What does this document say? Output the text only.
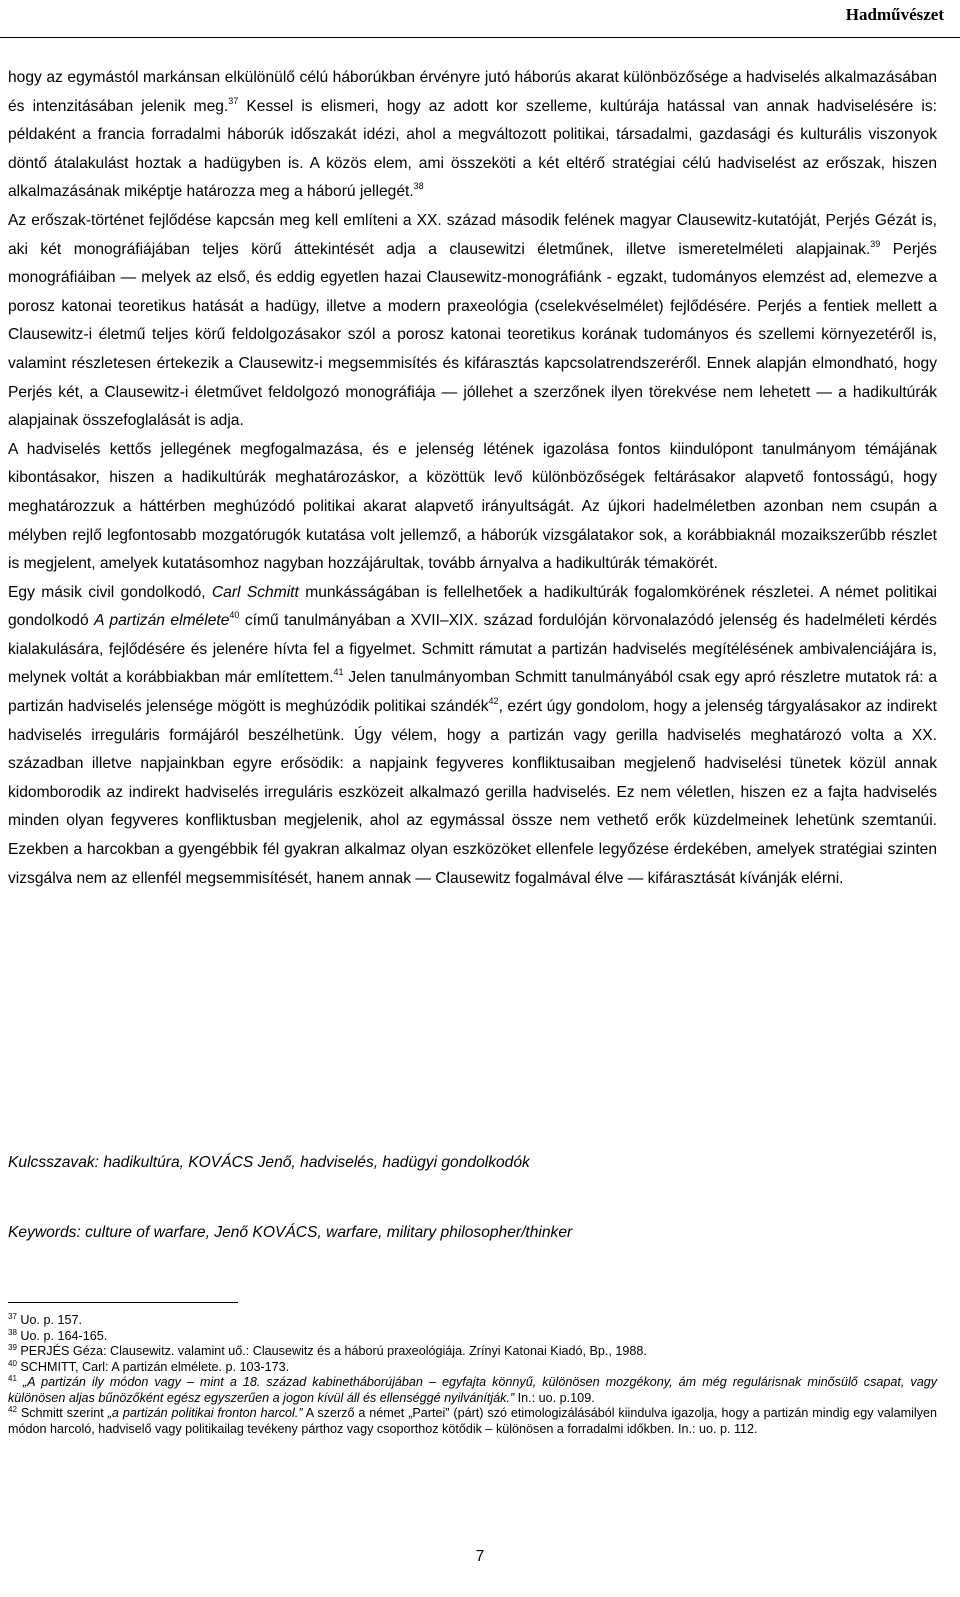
Hadművészet

hogy az egymástól markánsan elkülönülő célú háborúkban érvényre jutó háborús akarat különbözősége a hadviselés alkalmazásában és intenzitásában jelenik meg.$^{37}$ Kessel is elismeri, hogy az adott kor szelleme, kultúrája hatással van annak hadviselésére is: példaként a francia forradalmi háborúk időszakát idézi, ahol a megváltozott politikai, társadalmi, gazdasági és kulturális viszonyok döntő átalakulást hoztak a hadügyben is. A közös elem, ami összeköti a két eltérő stratégiai célú hadviselést az erőszak, hiszen alkalmazásának miképtje határozza meg a háború jellegét.$^{38}$

Az erőszak-történet fejlődése kapcsán meg kell említeni a XX. század második felének magyar Clausewitz-kutatóját, Perjés Gézát is, aki két monográfiájában teljes körű áttekintését adja a clausewitzi életműnek, illetve ismeretelméleti alapjainak.$^{39}$ Perjés monográfiáiban — melyek az első, és eddig egyetlen hazai Clausewitz-monográfiánk - egzakt, tudományos elemzést ad, elemezve a porosz katonai teoretikus hatását a hadügy, illetve a modern praxeológia (cselekvéselmélet) fejlődésére. Perjés a fentiek mellett a Clausewitz-i életmű teljes körű feldolgozásakor szól a porosz katonai teoretikus korának tudományos és szellemi környezetéről is, valamint részletesen értekezik a Clausewitz-i megsemmisítés és kifárasztás kapcsolatrendszeréről. Ennek alapján elmondható, hogy Perjés két, a Clausewitz-i életművet feldolgozó monográfiája — jóllehet a szerzőnek ilyen törekvése nem lehetett — a hadikultúrák alapjainak összefoglalását is adja.

A hadviselés kettős jellegének megfogalmazása, és e jelenség létének igazolása fontos kiindulópont tanulmányom témájának kibontásakor, hiszen a hadikultúrák meghatározáskor, a közöttük levő különbözőségek feltárásakor alapvető fontosságú, hogy meghatározzuk a háttérben meghúzódó politikai akarat alapvető irányultságát. Az újkori hadelméletben azonban nem csupán a mélyben rejlő legfontosabb mozgatórugók kutatása volt jellemző, a háborúk vizsgálatakor sok, a korábbiaknál mozaikszerűbb részlet is megjelent, amelyek kutatásomhoz nagyban hozzájárultak, tovább árnyalva a hadikultúrák témakörét.

Egy másik civil gondolkodó, Carl Schmitt munkásságában is fellelhetőek a hadikultúrák fogalomkörének részletei. A német politikai gondolkodó A partizán elmélete$^{40}$ című tanulmányában a XVII–XIX. század fordulóján körvonalazódó jelenség és hadelméleti kérdés kialakulására, fejlődésére és jelenére hívta fel a figyelmet. Schmitt rámutat a partizán hadviselés megítélésének ambivalenciájára is, melynek voltát a korábbiakban már említettem.$^{41}$ Jelen tanulmányomban Schmitt tanulmányából csak egy apró részletre mutatok rá: a partizán hadviselés jelensége mögött is meghúzódik politikai szándék$^{42}$, ezért úgy gondolom, hogy a jelenség tárgyalásakor az indirekt hadviselés irreguláris formájáról beszélhetünk. Úgy vélem, hogy a partizán vagy gerilla hadviselés meghatározó volta a XX. században illetve napjainkban egyre erősödik: a napjaink fegyveres konfliktusaiban megjelenő hadviselési tünetek közül annak kidomborodik az indirekt hadviselés irreguláris eszközeit alkalmazó gerilla hadviselés. Ez nem véletlen, hiszen ez a fajta hadviselés minden olyan fegyveres konfliktusban megjelenik, ahol az egymással össze nem vethető erők küzdelmeinek lehetünk szemtanúi. Ezekben a harcokban a gyengébbik fél gyakran alkalmaz olyan eszközöket ellenfele legyőzése érdekében, amelyek stratégiai szinten vizsgálva nem az ellenfél megsemmisítését, hanem annak — Clausewitz fogalmával élve — kifárasztását kívánják elérni.

Kulcsszavak: hadikultúra, KOVÁCS Jenő, hadviselés, hadügyi gondolkodók

Keywords: culture of warfare, Jenő KOVÁCS, warfare, military philosopher/thinker

$^{37}$ Uo. p. 157.

$^{38}$ Uo. p. 164-165.

$^{39}$ PERJÉS Géza: Clausewitz. valamint uő.: Clausewitz és a háború praxeológiája. Zrínyi Katonai Kiadó, Bp., 1988.

$^{40}$ SCHMITT, Carl: A partizán elmélete. p. 103-173.

$^{41}$ „A partizán ily módon vagy – mint a 18. század kabinetháborújában – egyfajta könnyű, különösen mozgékony, ám még regulárisnak minősülő csapat, vagy különösen aljas bűnözőként egész egyszerűen a jogon kívül áll és ellenséggé nyilvánítják.” In.: uo. p.109.

$^{42}$ Schmitt szerint „a partizán politikai fronton harcol.” A szerző a német „Partei” (párt) szó etimologizálásából kiindulva igazolja, hogy a partizán mindig egy valamilyen módon harcoló, hadviselő vagy politikailag tevékeny párthoz vagy csoporthoz kötődik – különösen a forradalmi időkben. In.: uo. p. 112.

7
